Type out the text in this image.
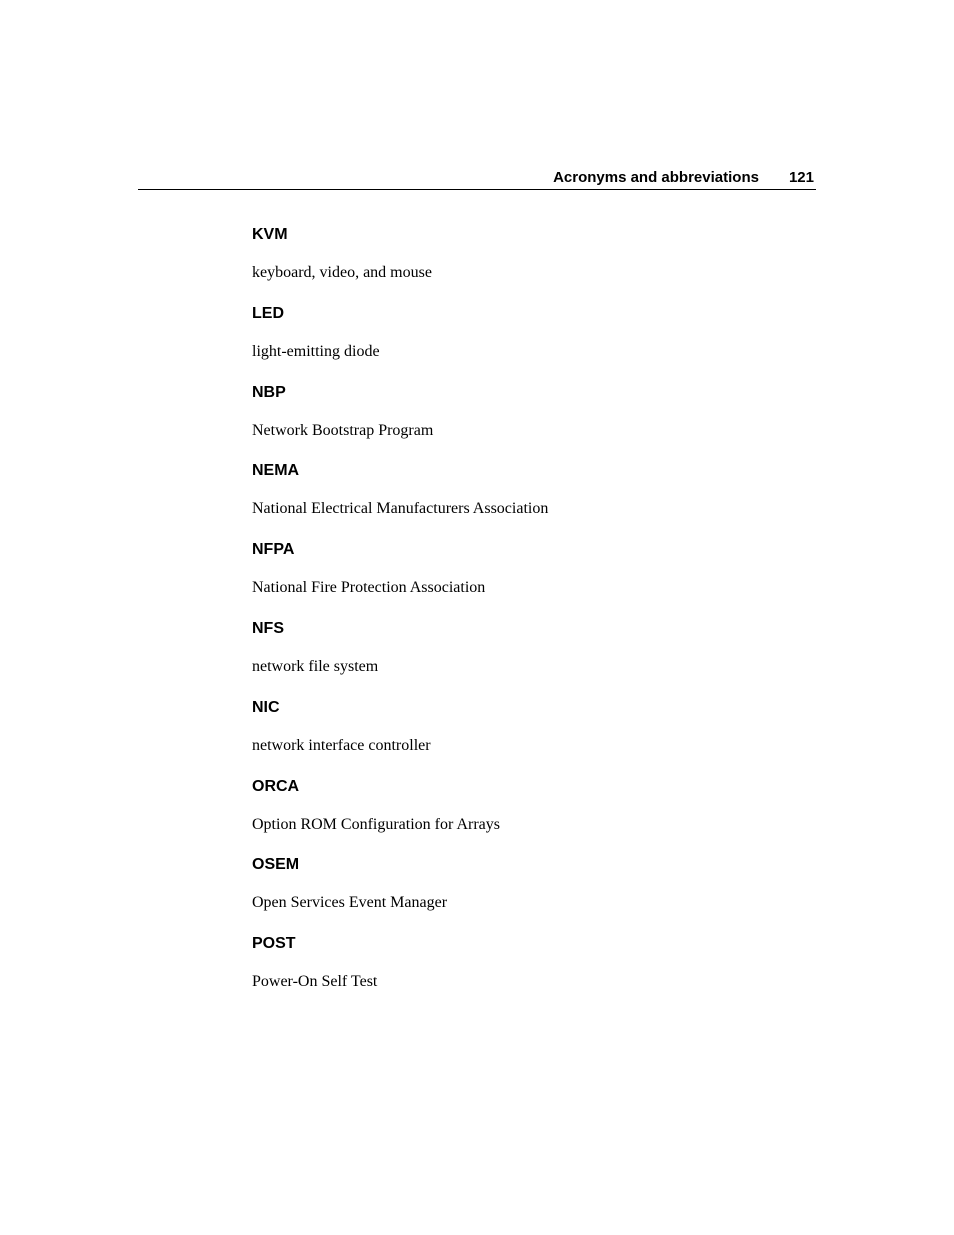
Acronyms and abbreviations 121
KVM
keyboard, video, and mouse
LED
light-emitting diode
NBP
Network Bootstrap Program
NEMA
National Electrical Manufacturers Association
NFPA
National Fire Protection Association
NFS
network file system
NIC
network interface controller
ORCA
Option ROM Configuration for Arrays
OSEM
Open Services Event Manager
POST
Power-On Self Test
